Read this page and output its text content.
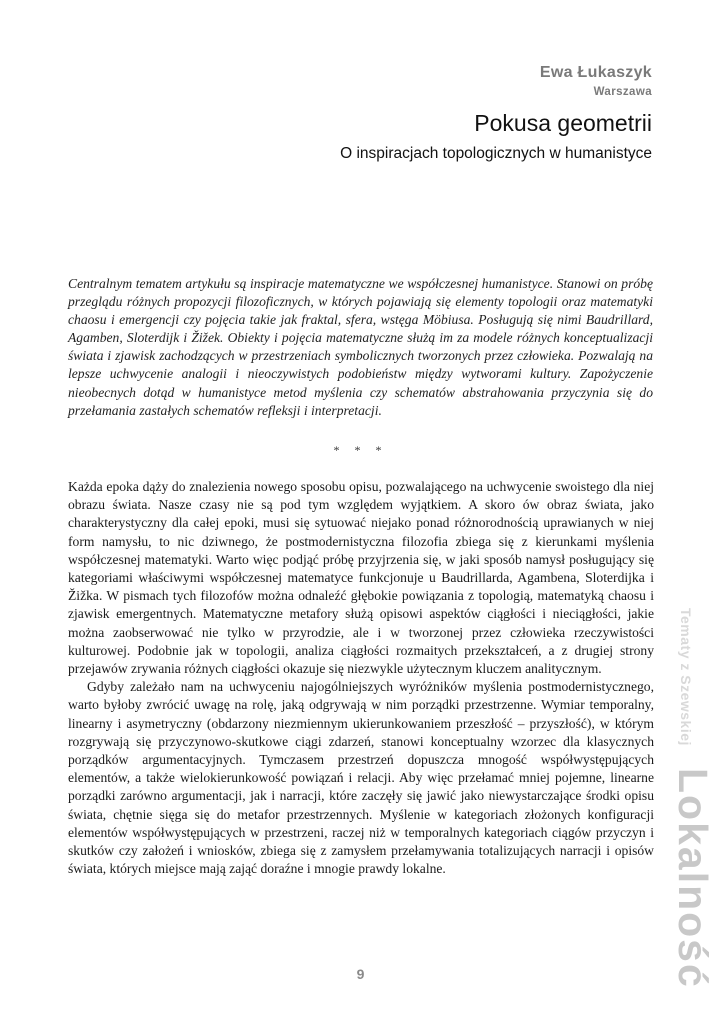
Ewa Łukaszyk
Warszawa
Pokusa geometrii
O inspiracjach topologicznych w humanistyce

Centralnym tematem artykułu są inspiracje matematyczne we współczesnej humanistyce. Stanowi on próbę przeglądu różnych propozycji filozoficznych, w których pojawiają się elementy topologii oraz matematyki chaosu i emergencji czy pojęcia takie jak fraktal, sfera, wstęga Möbiusa. Posługują się nimi Baudrillard, Agamben, Sloterdijk i Žižek. Obiekty i pojęcia matematyczne służą im za modele różnych konceptualizacji świata i zjawisk zachodzących w przestrzeniach symbolicznych tworzonych przez człowieka. Pozwalają na lepsze uchwycenie analogii i nieoczywistych podobieństw między wytworami kultury. Zapożyczenie nieobecnych dotąd w humanistyce metod myślenia czy schematów abstrahowania przyczynia się do przełamania zastałych schematów refleksji i interpretacji.

* * *

Każda epoka dąży do znalezienia nowego sposobu opisu, pozwalającego na uchwycenie swoistego dla niej obrazu świata. Nasze czasy nie są pod tym względem wyjątkiem. A skoro ów obraz świata, jako charakterystyczny dla całej epoki, musi się sytuować niejako ponad różnorodnością uprawianych w niej form namysłu, to nic dziwnego, że postmodernistyczna filozofia zbiega się z kierunkami myślenia współczesnej matematyki. Warto więc podjąć próbę przyjrzenia się, w jaki sposób namysł posługujący się kategoriami właściwymi współczesnej matematyce funkcjonuje u Baudrillarda, Agambena, Sloterdijka i Žižka. W pismach tych filozofów można odnaleźć głębokie powiązania z topologią, matematyką chaosu i zjawisk emergentnych. Matematyczne metafory służą opisowi aspektów ciągłości i nieciągłości, jakie można zaobserwować nie tylko w przyrodzie, ale i w tworzonej przez człowieka rzeczywistości kulturowej. Podobnie jak w topologii, analiza ciągłości rozmaitych przekształceń, a z drugiej strony przejawów zrywania różnych ciągłości okazuje się niezwykle użytecznym kluczem analitycznym.

Gdyby zależało nam na uchwyceniu najogólniejszych wyróżników myślenia postmodernistycznego, warto byłoby zwrócić uwagę na rolę, jaką odgrywają w nim porządki przestrzenne. Wymiar temporalny, linearny i asymetryczny (obdarzony niezmiennym ukierunkowaniem przeszłość – przyszłość), w którym rozgrywają się przyczynowo-skutkowe ciągi zdarzeń, stanowi konceptualny wzorzec dla klasycznych porządków argumentacyjnych. Tymczasem przestrzeń dopuszcza mnogość współwystępujących elementów, a także wielokierunkowość powiązań i relacji. Aby więc przełamać mniej pojemne, linearne porządki zarówno argumentacji, jak i narracji, które zaczęły się jawić jako niewystarczające środki opisu świata, chętnie sięga się do metafor przestrzennych. Myślenie w kategoriach złożonych konfiguracji elementów współwystępujących w przestrzeni, raczej niż w temporalnych kategoriach ciągów przyczyn i skutków czy założeń i wniosków, zbiega się z zamysłem przełamywania totalizujących narracji i opisów świata, których miejsce mają zająć doraźne i mnogie prawdy lokalne.

9
Tematy z Szewskiej
Lokalność
